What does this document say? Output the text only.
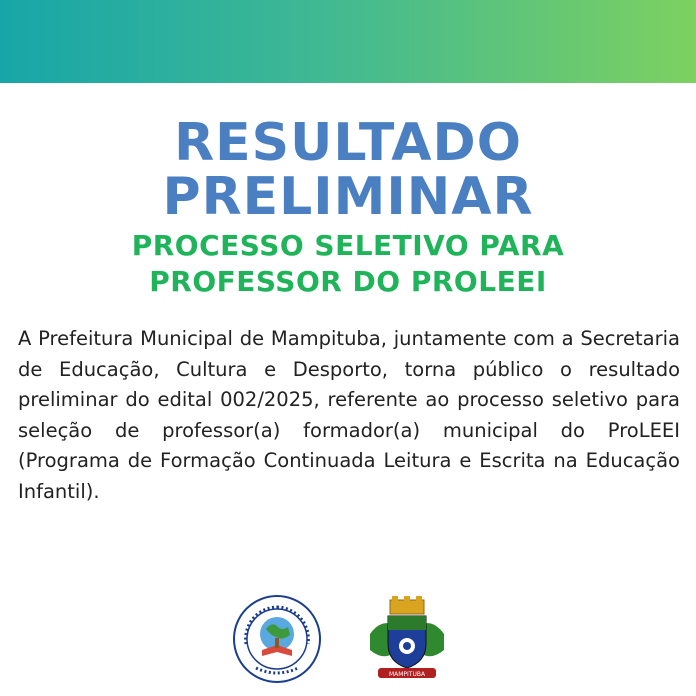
RESULTADO
PRELIMINAR
PROCESSO SELETIVO PARA
PROFESSOR DO PROLEEI

A Prefeitura Municipal de Mampituba, juntamente com a Secretaria de Educação, Cultura e Desporto, torna público o resultado preliminar do edital 002/2025, referente ao processo seletivo para seleção de professor(a) formador(a) municipal do ProLEEI (Programa de Formação Continuada Leitura e Escrita na Educação Infantil).

MAMPITUBA
